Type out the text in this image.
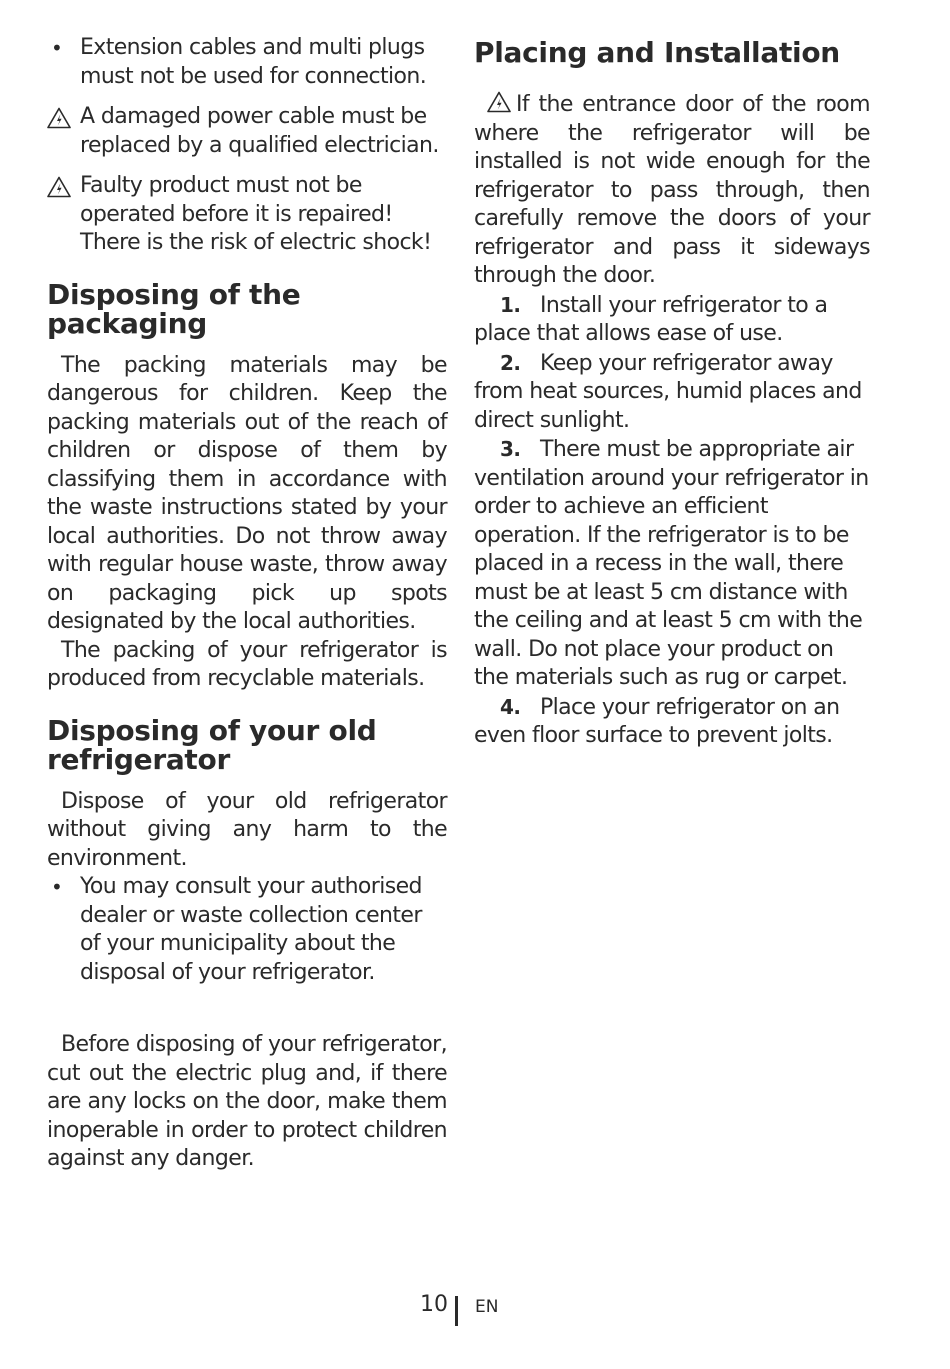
• Extension cables and multi plugs must not be used for connection.
A damaged power cable must be replaced by a qualified electrician.
Faulty product must not be operated before it is repaired! There is the risk of electric shock!
Disposing of the packaging

The packing materials may be dangerous for children. Keep the packing materials out of the reach of children or dispose of them by classifying them in accordance with the waste instructions stated by your local authorities. Do not throw away with regular house waste, throw away on packaging pick up spots designated by the local authorities.

The packing of your refrigerator is produced from recyclable materials.

Disposing of your old
refrigerator

Dispose of your old refrigerator without giving any harm to the environment.

• You may consult your authorised dealer or waste collection center of your municipality about the disposal of your refrigerator.

Before disposing of your refrigerator, cut out the electric plug and, if there are any locks on the door, make them inoperable in order to protect children against any danger.

Placing and Installation

If the entrance door of the room where the refrigerator will be installed is not wide enough for the refrigerator to pass through, then carefully remove the doors of your refrigerator and pass it sideways through the door.

1. Install your refrigerator to a place that allows ease of use.

2. Keep your refrigerator away from heat sources, humid places and direct sunlight.

3. There must be appropriate air ventilation around your refrigerator in order to achieve an efficient operation. If the refrigerator is to be placed in a recess in the wall, there must be at least 5 cm distance with the ceiling and at least 5 cm with the wall. Do not place your product on the materials such as rug or carpet.

4. Place your refrigerator on an even floor surface to prevent jolts.

10 EN
